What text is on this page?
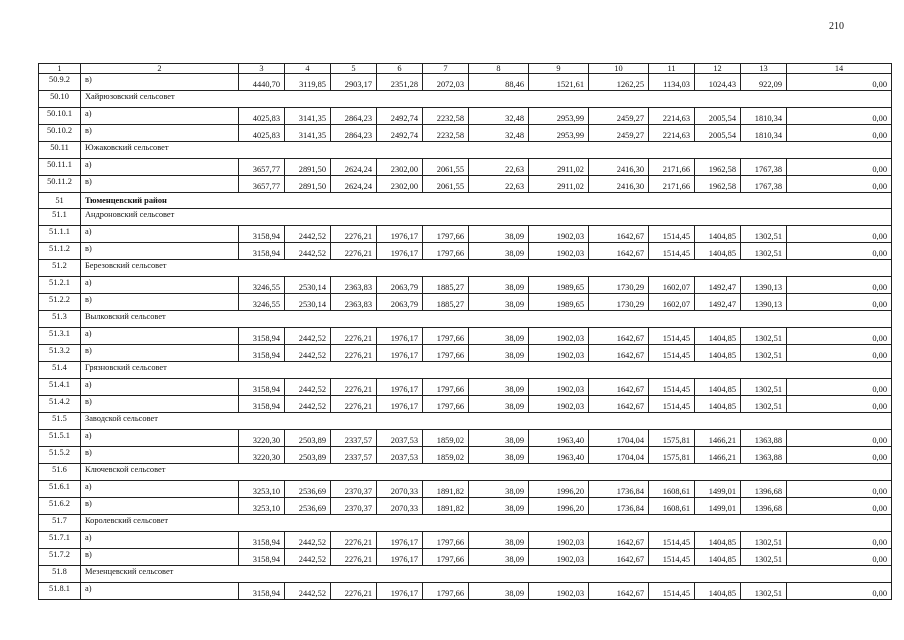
210
1	2	3	4	5	6	7	8	9	10	11	12	13	14
50.9.2	в)	4440,70	3119,85	2903,17	2351,28	2072,03	88,46	1521,61	1262,25	1134,03	1024,43	922,09	0,00
50.10	Хайрюзовский сельсовет												
50.10.1	а)	4025,83	3141,35	2864,23	2492,74	2232,58	32,48	2953,99	2459,27	2214,63	2005,54	1810,34	0,00
50.10.2	в)	4025,83	3141,35	2864,23	2492,74	2232,58	32,48	2953,99	2459,27	2214,63	2005,54	1810,34	0,00
50.11	Южаковский сельсовет												
50.11.1	а)	3657,77	2891,50	2624,24	2302,00	2061,55	22,63	2911,02	2416,30	2171,66	1962,58	1767,38	0,00
50.11.2	в)	3657,77	2891,50	2624,24	2302,00	2061,55	22,63	2911,02	2416,30	2171,66	1962,58	1767,38	0,00
51	Тюменцевский район												
51.1	Андроновский сельсовет												
51.1.1	а)	3158,94	2442,52	2276,21	1976,17	1797,66	38,09	1902,03	1642,67	1514,45	1404,85	1302,51	0,00
51.1.2	в)	3158,94	2442,52	2276,21	1976,17	1797,66	38,09	1902,03	1642,67	1514,45	1404,85	1302,51	0,00
51.2	Березовский сельсовет												
51.2.1	а)	3246,55	2530,14	2363,83	2063,79	1885,27	38,09	1989,65	1730,29	1602,07	1492,47	1390,13	0,00
51.2.2	в)	3246,55	2530,14	2363,83	2063,79	1885,27	38,09	1989,65	1730,29	1602,07	1492,47	1390,13	0,00
51.3	Вылковский сельсовет												
51.3.1	а)	3158,94	2442,52	2276,21	1976,17	1797,66	38,09	1902,03	1642,67	1514,45	1404,85	1302,51	0,00
51.3.2	в)	3158,94	2442,52	2276,21	1976,17	1797,66	38,09	1902,03	1642,67	1514,45	1404,85	1302,51	0,00
51.4	Грязновский сельсовет												
51.4.1	а)	3158,94	2442,52	2276,21	1976,17	1797,66	38,09	1902,03	1642,67	1514,45	1404,85	1302,51	0,00
51.4.2	в)	3158,94	2442,52	2276,21	1976,17	1797,66	38,09	1902,03	1642,67	1514,45	1404,85	1302,51	0,00
51.5	Заводской сельсовет												
51.5.1	а)	3220,30	2503,89	2337,57	2037,53	1859,02	38,09	1963,40	1704,04	1575,81	1466,21	1363,88	0,00
51.5.2	в)	3220,30	2503,89	2337,57	2037,53	1859,02	38,09	1963,40	1704,04	1575,81	1466,21	1363,88	0,00
51.6	Ключевской сельсовет												
51.6.1	а)	3253,10	2536,69	2370,37	2070,33	1891,82	38,09	1996,20	1736,84	1608,61	1499,01	1396,68	0,00
51.6.2	в)	3253,10	2536,69	2370,37	2070,33	1891,82	38,09	1996,20	1736,84	1608,61	1499,01	1396,68	0,00
51.7	Королевский сельсовет												
51.7.1	а)	3158,94	2442,52	2276,21	1976,17	1797,66	38,09	1902,03	1642,67	1514,45	1404,85	1302,51	0,00
51.7.2	в)	3158,94	2442,52	2276,21	1976,17	1797,66	38,09	1902,03	1642,67	1514,45	1404,85	1302,51	0,00
51.8	Мезенцевский сельсовет												
51.8.1	а)	3158,94	2442,52	2276,21	1976,17	1797,66	38,09	1902,03	1642,67	1514,45	1404,85	1302,51	0,00
